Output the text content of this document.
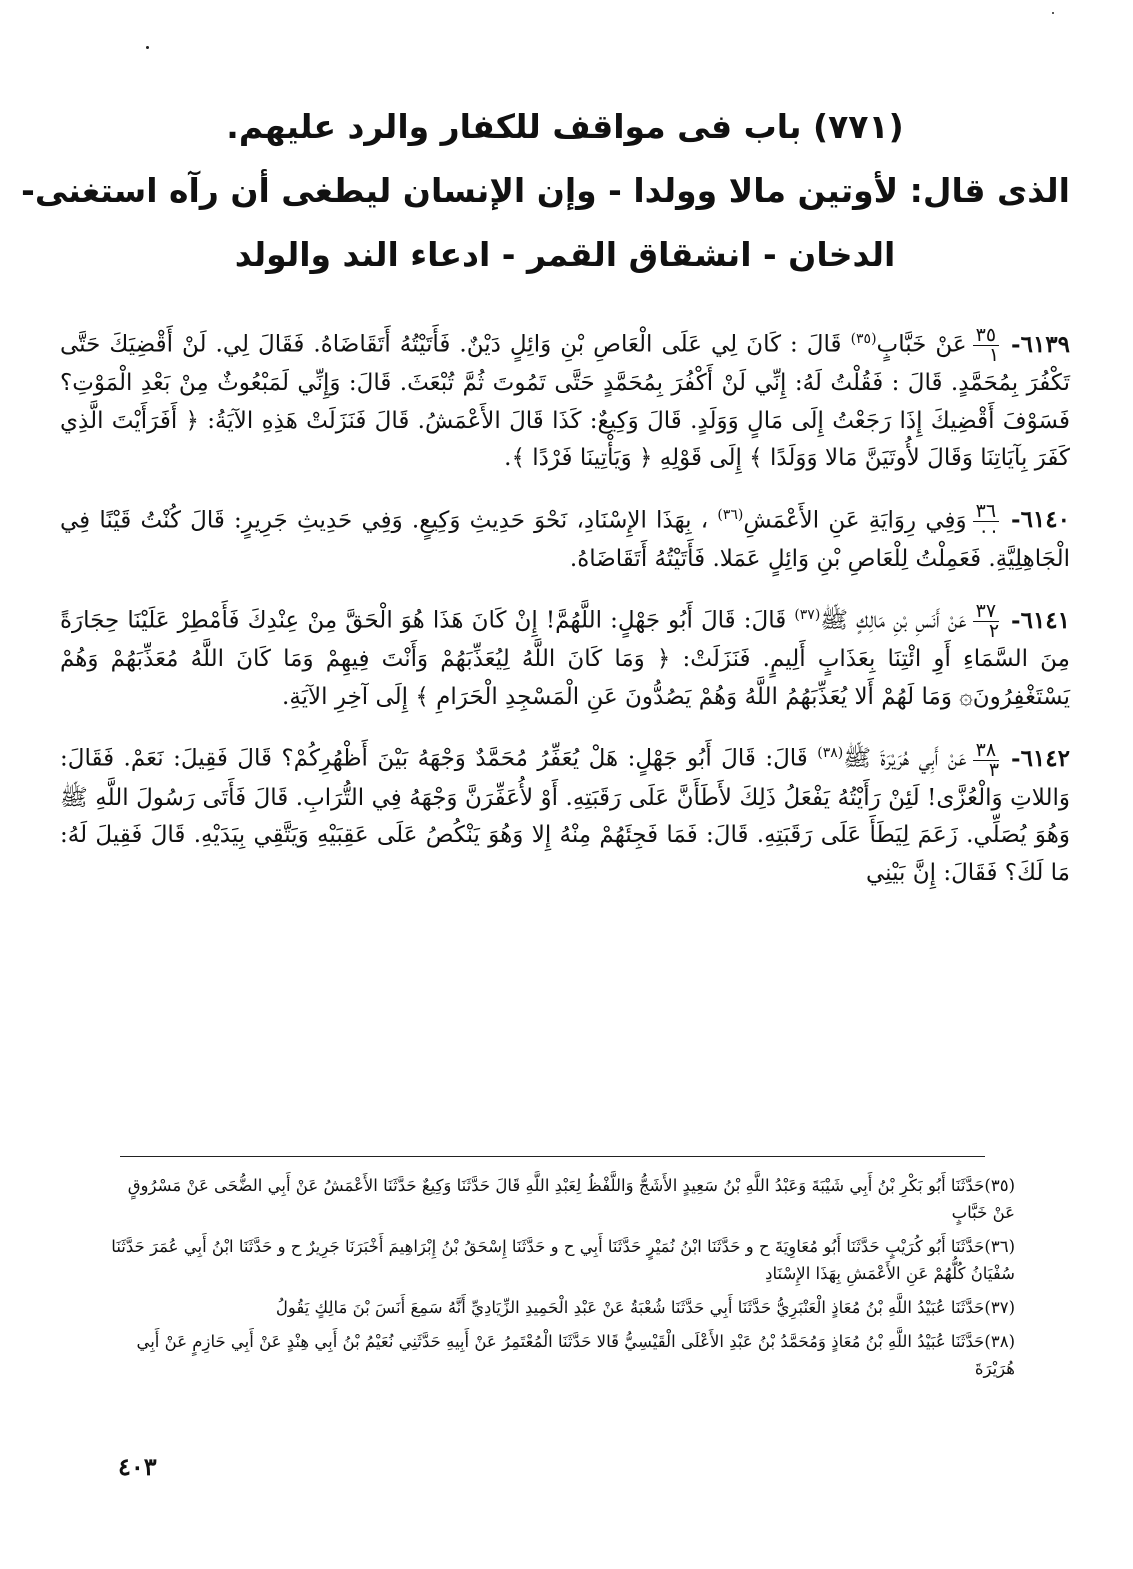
(٧٧١) باب فى مواقف للكفار والرد عليهم.
الذى قال: لأوتين مالا وولدا - وإن الإنسان ليطغى أن رآه استغنى-
الدخان - انشقاق القمر - ادعاء الند والولد
٦١٣٩-
$\frac{٣٥}{١}$
عَنْ خَبَّابٍ$^{(٣٥)}$ قَالَ : كَانَ لِي عَلَى الْعَاصِ بْنِ وَائِلٍ دَيْنٌ. فَأَتَيْتُهُ أَتَقَاضَاهُ. فَقَالَ لِي. لَنْ أَقْضِيَكَ حَتَّى تَكْفُرَ بِمُحَمَّدٍ. قَالَ : فَقُلْتُ لَهُ: إِنِّي لَنْ أَكْفُرَ بِمُحَمَّدٍ حَتَّى تَمُوتَ ثُمَّ تُبْعَثَ. قَالَ: وَإِنِّي لَمَبْعُوثٌ مِنْ بَعْدِ الْمَوْتِ؟ فَسَوْفَ أَقْضِيكَ إِذَا رَجَعْتُ إِلَى مَالٍ وَوَلَدٍ. قَالَ وَكِيعٌ: كَذَا قَالَ الأَعْمَشُ. قَالَ فَنَزَلَتْ هَذِهِ الآيَةُ: ﴿ أَفَرَأَيْتَ الَّذِي كَفَرَ بِآيَاتِنَا وَقَالَ لأُوتَيَنَّ مَالا وَوَلَدًا ﴾ إِلَى قَوْلِهِ ﴿ وَيَأْتِينَا فَرْدًا ﴾.
٦١٤٠-
$\frac{٣٦}{٠٠}$
وَفِي رِوَايَةِ عَنِ الأَعْمَشِ$^{(٣٦)}$ ، بِهَذَا الإِسْنَادِ، نَحْوَ حَدِيثِ وَكِيعٍ. وَفِي حَدِيثِ جَرِيرٍ: قَالَ كُنْتُ قَيْنًا فِي الْجَاهِلِيَّةِ. فَعَمِلْتُ لِلْعَاصِ بْنِ وَائِلٍ عَمَلا. فَأَتَيْتُهُ أَتَقَاضَاهُ.
٦١٤١-
$\frac{٣٧}{٢}$
عَنْ أَنَسِ بْنِ مَالِكٍ ﷺ$^{(٣٧)}$ قَالَ: قَالَ أَبُو جَهْلٍ: اللَّهُمَّ! إِنْ كَانَ هَذَا هُوَ الْحَقَّ مِنْ عِنْدِكَ فَأَمْطِرْ عَلَيْنَا حِجَارَةً مِنَ السَّمَاءِ أَوِ ائْتِنَا بِعَذَابٍ أَلِيمٍ. فَنَزَلَتْ: ﴿ وَمَا كَانَ اللَّهُ لِيُعَذِّبَهُمْ وَأَنْتَ فِيهِمْ وَمَا كَانَ اللَّهُ مُعَذِّبَهُمْ وَهُمْ يَسْتَغْفِرُونَ۞ وَمَا لَهُمْ أَلا يُعَذِّبَهُمُ اللَّهُ وَهُمْ يَصُدُّونَ عَنِ الْمَسْجِدِ الْحَرَامِ ﴾ إِلَى آخِرِ الآيَةِ.
٦١٤٢-
$\frac{٣٨}{٣}$
عَنْ أَبِي هُرَيْرَةَ ﷺ$^{(٣٨)}$ قَالَ: قَالَ أَبُو جَهْلٍ: هَلْ يُعَفِّرُ مُحَمَّدٌ وَجْهَهُ بَيْنَ أَظْهُرِكُمْ؟ قَالَ فَقِيلَ: نَعَمْ. فَقَالَ: وَاللاتِ وَالْعُزَّى! لَئِنْ رَأَيْتُهُ يَفْعَلُ ذَلِكَ لأَطَأَنَّ عَلَى رَقَبَتِهِ. أَوْ لأُعَفِّرَنَّ وَجْهَهُ فِي التُّرَابِ. قَالَ فَأَتَى رَسُولَ اللَّهِ ﷺ وَهُوَ يُصَلِّي. زَعَمَ لِيَطَأَ عَلَى رَقَبَتِهِ. قَالَ: فَمَا فَجِئَهُمْ مِنْهُ إِلا وَهُوَ يَنْكُصُ عَلَى عَقِبَيْهِ وَيَتَّقِي بِيَدَيْهِ. قَالَ فَقِيلَ لَهُ: مَا لَكَ؟ فَقَالَ: إِنَّ بَيْنِي
(٣٥)حَدَّثَنَا أَبُو بَكْرِ بْنُ أَبِي شَيْبَةَ وَعَبْدُ اللَّهِ بْنُ سَعِيدٍ الأَشَجُّ وَاللَّفْظُ لِعَبْدِ اللَّهِ قَالَ حَدَّثَنَا وَكِيعٌ حَدَّثَنَا الأَعْمَشُ عَنْ أَبِي الضُّحَى عَنْ مَسْرُوقٍ عَنْ خَبَّابٍ
(٣٦)حَدَّثَنَا أَبُو كُرَيْبٍ حَدَّثَنَا أَبُو مُعَاوِيَةَ ح و حَدَّثَنَا ابْنُ نُمَيْرٍ حَدَّثَنَا أَبِي ح و حَدَّثَنَا إِسْحَقُ بْنُ إِبْرَاهِيمَ أَخْبَرَنَا جَرِيرٌ ح و حَدَّثَنَا ابْنُ أَبِي عُمَرَ حَدَّثَنَا سُفْيَانُ كُلُّهُمْ عَنِ الأَعْمَشِ بِهَذَا الإِسْنَادِ
(٣٧)حَدَّثَنَا عُبَيْدُ اللَّهِ بْنُ مُعَاذٍ الْعَنْبَرِيُّ حَدَّثَنَا أَبِي حَدَّثَنَا شُعْبَةُ عَنْ عَبْدِ الْحَمِيدِ الزِّيَادِيِّ أَنَّهُ سَمِعَ أَنَسَ بْنَ مَالِكٍ يَقُولُ
(٣٨)حَدَّثَنَا عُبَيْدُ اللَّهِ بْنُ مُعَاذٍ وَمُحَمَّدُ بْنُ عَبْدِ الأَعْلَى الْقَيْسِيُّ قَالا حَدَّثَنَا الْمُعْتَمِرُ عَنْ أَبِيهِ حَدَّثَنِي نُعَيْمُ بْنُ أَبِي هِنْدٍ عَنْ أَبِي حَازِمٍ عَنْ أَبِي هُرَيْرَةَ
٤٠٣
